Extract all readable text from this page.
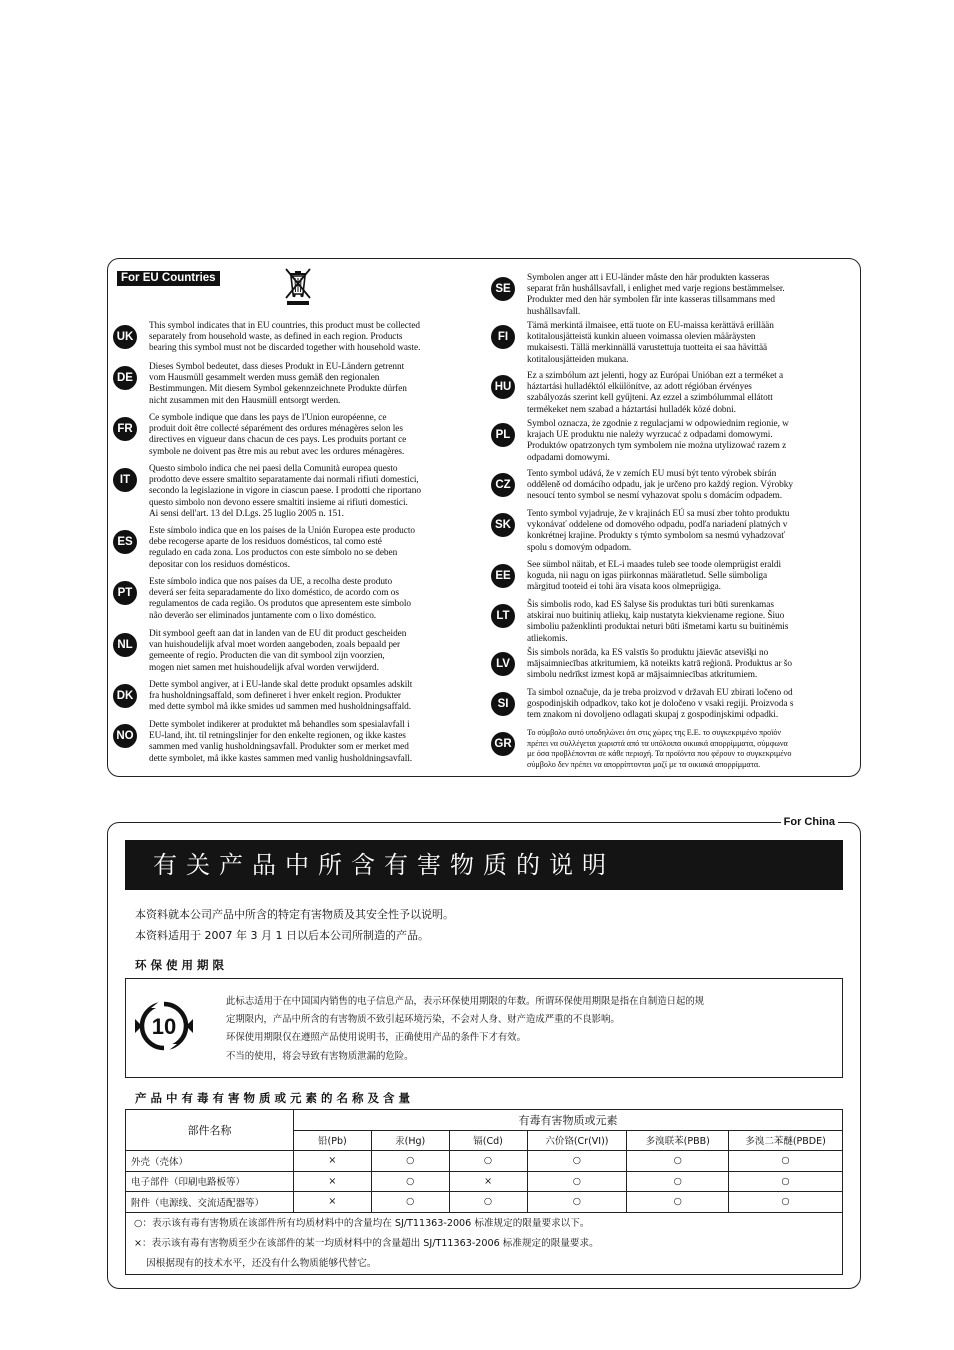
For EU Countries
UK
This symbol indicates that in EU countries, this product must be collected
separately from household waste, as defined in each region. Products
bearing this symbol must not be discarded together with household waste.
DE
Dieses Symbol bedeutet, dass dieses Produkt in EU-Ländern getrennt
vom Hausmüll gesammelt werden muss gemäß den regionalen
Bestimmungen. Mit diesem Symbol gekennzeichnete Produkte dürfen
nicht zusammen mit den Hausmüll entsorgt werden.
FR
Ce symbole indique que dans les pays de l'Union européenne, ce
produit doit être collecté séparément des ordures ménagères selon les
directives en vigueur dans chacun de ces pays. Les produits portant ce
symbole ne doivent pas être mis au rebut avec les ordures ménagères.
IT
Questo simbolo indica che nei paesi della Comunità europea questo
prodotto deve essere smaltito separatamente dai normali rifiuti domestici,
secondo la legislazione in vigore in ciascun paese. I prodotti che riportano
questo simbolo non devono essere smaltiti insieme ai rifiuti domestici.
Ai sensi dell'art. 13 del D.Lgs. 25 luglio 2005 n. 151.
ES
Este símbolo indica que en los países de la Unión Europea este producto
debe recogerse aparte de los residuos domésticos, tal como esté
regulado en cada zona. Los productos con este símbolo no se deben
depositar con los residuos domésticos.
PT
Este símbolo indica que nos países da UE, a recolha deste produto
deverá ser feita separadamente do lixo doméstico, de acordo com os
regulamentos de cada região. Os produtos que apresentem este símbolo
não deverão ser eliminados juntamente com o lixo doméstico.
NL
Dit symbool geeft aan dat in landen van de EU dit product gescheiden
van huishoudelijk afval moet worden aangeboden, zoals bepaald per
gemeente of regio. Producten die van dit symbool zijn voorzien,
mogen niet samen met huishoudelijk afval worden verwijderd.
DK
Dette symbol angiver, at i EU-lande skal dette produkt opsamles adskilt
fra husholdningsaffald, som defineret i hver enkelt region. Produkter
med dette symbol må ikke smides ud sammen med husholdningsaffald.
NO
Dette symbolet indikerer at produktet må behandles som spesialavfall i
EU-land, iht. til retningslinjer for den enkelte regionen, og ikke kastes
sammen med vanlig husholdningsavfall. Produkter som er merket med
dette symbolet, må ikke kastes sammen med vanlig husholdningsavfall.
SE
Symbolen anger att i EU-länder måste den här produkten kasseras
separat från hushållsavfall, i enlighet med varje regions bestämmelser.
Produkter med den här symbolen får inte kasseras tillsammans med
hushållsavfall.
FI
Tämä merkintä ilmaisee, että tuote on EU-maissa kerättävä erillään
kotitalousjätteistä kunkin alueen voimassa olevien määräysten
mukaisesti. Tällä merkinnällä varustettuja tuotteita ei saa hävittää
kotitalousjätteiden mukana.
HU
Ez a szimbólum azt jelenti, hogy az Európai Unióban ezt a terméket a
háztartási hulladéktól elkülönítve, az adott régióban érvényes
szabályozás szerint kell gyűjteni. Az ezzel a szimbólummal ellátott
termékeket nem szabad a háztartási hulladék közé dobni.
PL
Symbol oznacza, że zgodnie z regulacjami w odpowiednim regionie, w
krajach UE produktu nie należy wyrzucać z odpadami domowymi.
Produktów opatrzonych tym symbolem nie można utylizować razem z
odpadami domowymi.
CZ
Tento symbol udává, že v zemích EU musí být tento výrobek sbírán
odděleně od domácího odpadu, jak je určeno pro každý region. Výrobky
nesoucí tento symbol se nesmí vyhazovat spolu s domácím odpadem.
SK
Tento symbol vyjadruje, že v krajinách EÚ sa musí zber tohto produktu
vykonávať oddelene od domového odpadu, podľa nariadení platných v
konkrétnej krajine. Produkty s týmto symbolom sa nesmú vyhadzovať
spolu s domovým odpadom.
EE
See sümbol näitab, et EL-i maades tuleb see toode olemprügist eraldi
koguda, nii nagu on igas piirkonnas määratletud. Selle sümboliga
märgitud tooteid ei tohi ära visata koos olmeprügiga.
LT
Šis simbolis rodo, kad ES šalyse šis produktas turi būti surenkamas
atskirai nuo buitinių atliekų, kaip nustatyta kiekviename regione. Šiuo
simboliu paženklinti produktai neturi būti išmetami kartu su buitinėmis
atliekomis.
LV
Šis simbols norāda, ka ES valstīs šo produktu jāievāc atsevišķi no
mājsaimniecības atkritumiem, kā noteikts katrā reģionā. Produktus ar šo
simbolu nedrīkst izmest kopā ar mājsaimniecības atkritumiem.
SI
Ta simbol označuje, da je treba proizvod v državah EU zbirati ločeno od
gospodinjskih odpadkov, tako kot je določeno v vsaki regiji. Proizvoda s
tem znakom ni dovoljeno odlagati skupaj z gospodinjskimi odpadki.
GR
Το σύμβολο αυτό υποδηλώνει ότι στις χώρες της Ε.Ε. το συγκεκριμένο προϊόν
πρέπει να συλλέγεται χωριστά από τα υπόλοιπα οικιακά απορρίμματα, σύμφωνα
με όσα προβλέπονται σε κάθε περιοχή. Τα προϊόντα που φέρουν το συγκεκριμένο
σύμβολο δεν πρέπει να απορρίπτονται μαζί με τα οικιακά απορρίμματα.
For China
有关产品中所含有害物质的说明
本资料就本公司产品中所含的特定有害物质及其安全性予以说明。
本资料适用于 2007 年 3 月 1 日以后本公司所制造的产品。
环保使用期限
10
此标志适用于在中国国内销售的电子信息产品，表示环保使用期限的年数。所谓环保使用期限是指在自制造日起的规
定期限内，产品中所含的有害物质不致引起环境污染，不会对人身、财产造成严重的不良影响。
环保使用期限仅在遵照产品使用说明书，正确使用产品的条件下才有效。
不当的使用，将会导致有害物质泄漏的危险。
产品中有毒有害物质或元素的名称及含量
部件名称	有毒有害物质或元素					
	铅(Pb)	汞(Hg)	镉(Cd)	六价铬(Cr(VI))	多溴联苯(PBB)	多溴二苯醚(PBDE)
外壳（壳体）	×	○	○	○	○	○
电子部件（印刷电路板等）	×	○	×	○	○	○
附件（电源线、交流适配器等）	×	○	○	○	○	○
○：表示该有毒有害物质在该部件所有均质材料中的含量均在 SJ/T11363-2006 标准规定的限量要求以下。
×：表示该有毒有害物质至少在该部件的某一均质材料中的含量超出 SJ/T11363-2006 标准规定的限量要求。
因根据现有的技术水平，还没有什么物质能够代替它。
